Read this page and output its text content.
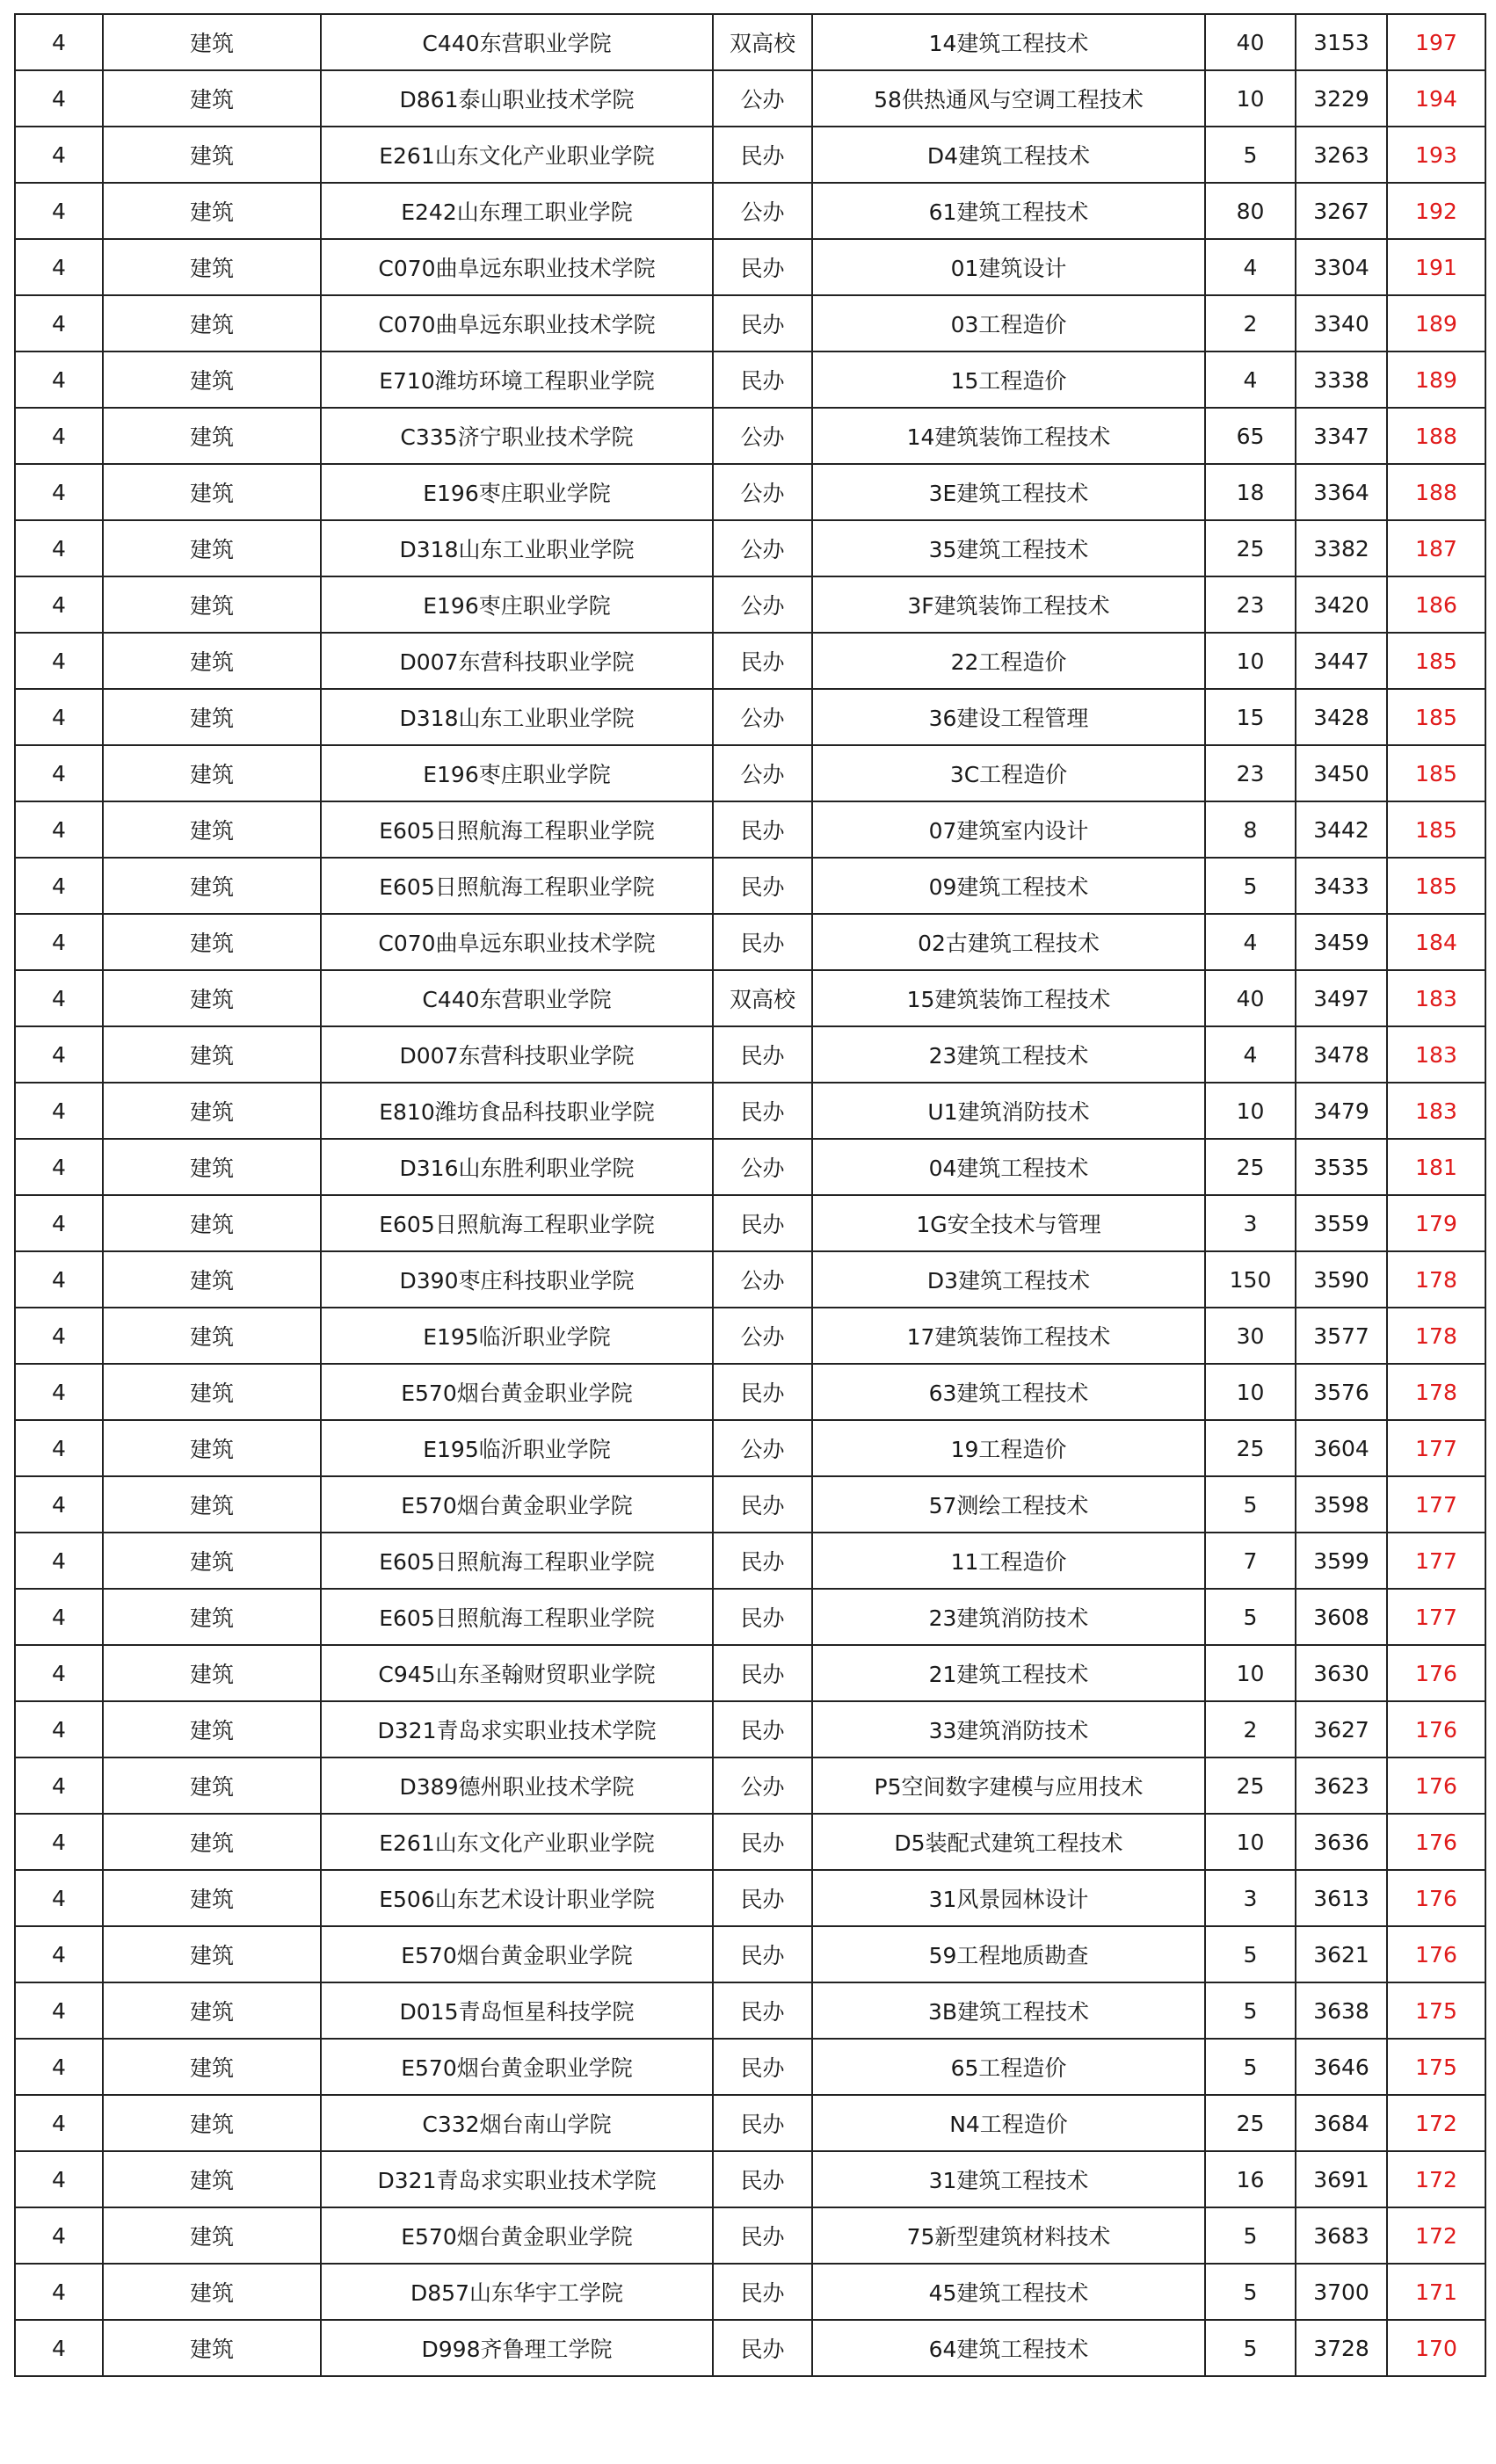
4	建筑	C440东营职业学院	双高校	14建筑工程技术	40	3153	197
4	建筑	D861泰山职业技术学院	公办	58供热通风与空调工程技术	10	3229	194
4	建筑	E261山东文化产业职业学院	民办	D4建筑工程技术	5	3263	193
4	建筑	E242山东理工职业学院	公办	61建筑工程技术	80	3267	192
4	建筑	C070曲阜远东职业技术学院	民办	01建筑设计	4	3304	191
4	建筑	C070曲阜远东职业技术学院	民办	03工程造价	2	3340	189
4	建筑	E710潍坊环境工程职业学院	民办	15工程造价	4	3338	189
4	建筑	C335济宁职业技术学院	公办	14建筑装饰工程技术	65	3347	188
4	建筑	E196枣庄职业学院	公办	3E建筑工程技术	18	3364	188
4	建筑	D318山东工业职业学院	公办	35建筑工程技术	25	3382	187
4	建筑	E196枣庄职业学院	公办	3F建筑装饰工程技术	23	3420	186
4	建筑	D007东营科技职业学院	民办	22工程造价	10	3447	185
4	建筑	D318山东工业职业学院	公办	36建设工程管理	15	3428	185
4	建筑	E196枣庄职业学院	公办	3C工程造价	23	3450	185
4	建筑	E605日照航海工程职业学院	民办	07建筑室内设计	8	3442	185
4	建筑	E605日照航海工程职业学院	民办	09建筑工程技术	5	3433	185
4	建筑	C070曲阜远东职业技术学院	民办	02古建筑工程技术	4	3459	184
4	建筑	C440东营职业学院	双高校	15建筑装饰工程技术	40	3497	183
4	建筑	D007东营科技职业学院	民办	23建筑工程技术	4	3478	183
4	建筑	E810潍坊食品科技职业学院	民办	U1建筑消防技术	10	3479	183
4	建筑	D316山东胜利职业学院	公办	04建筑工程技术	25	3535	181
4	建筑	E605日照航海工程职业学院	民办	1G安全技术与管理	3	3559	179
4	建筑	D390枣庄科技职业学院	公办	D3建筑工程技术	150	3590	178
4	建筑	E195临沂职业学院	公办	17建筑装饰工程技术	30	3577	178
4	建筑	E570烟台黄金职业学院	民办	63建筑工程技术	10	3576	178
4	建筑	E195临沂职业学院	公办	19工程造价	25	3604	177
4	建筑	E570烟台黄金职业学院	民办	57测绘工程技术	5	3598	177
4	建筑	E605日照航海工程职业学院	民办	11工程造价	7	3599	177
4	建筑	E605日照航海工程职业学院	民办	23建筑消防技术	5	3608	177
4	建筑	C945山东圣翰财贸职业学院	民办	21建筑工程技术	10	3630	176
4	建筑	D321青岛求实职业技术学院	民办	33建筑消防技术	2	3627	176
4	建筑	D389德州职业技术学院	公办	P5空间数字建模与应用技术	25	3623	176
4	建筑	E261山东文化产业职业学院	民办	D5装配式建筑工程技术	10	3636	176
4	建筑	E506山东艺术设计职业学院	民办	31风景园林设计	3	3613	176
4	建筑	E570烟台黄金职业学院	民办	59工程地质勘查	5	3621	176
4	建筑	D015青岛恒星科技学院	民办	3B建筑工程技术	5	3638	175
4	建筑	E570烟台黄金职业学院	民办	65工程造价	5	3646	175
4	建筑	C332烟台南山学院	民办	N4工程造价	25	3684	172
4	建筑	D321青岛求实职业技术学院	民办	31建筑工程技术	16	3691	172
4	建筑	E570烟台黄金职业学院	民办	75新型建筑材料技术	5	3683	172
4	建筑	D857山东华宇工学院	民办	45建筑工程技术	5	3700	171
4	建筑	D998齐鲁理工学院	民办	64建筑工程技术	5	3728	170
